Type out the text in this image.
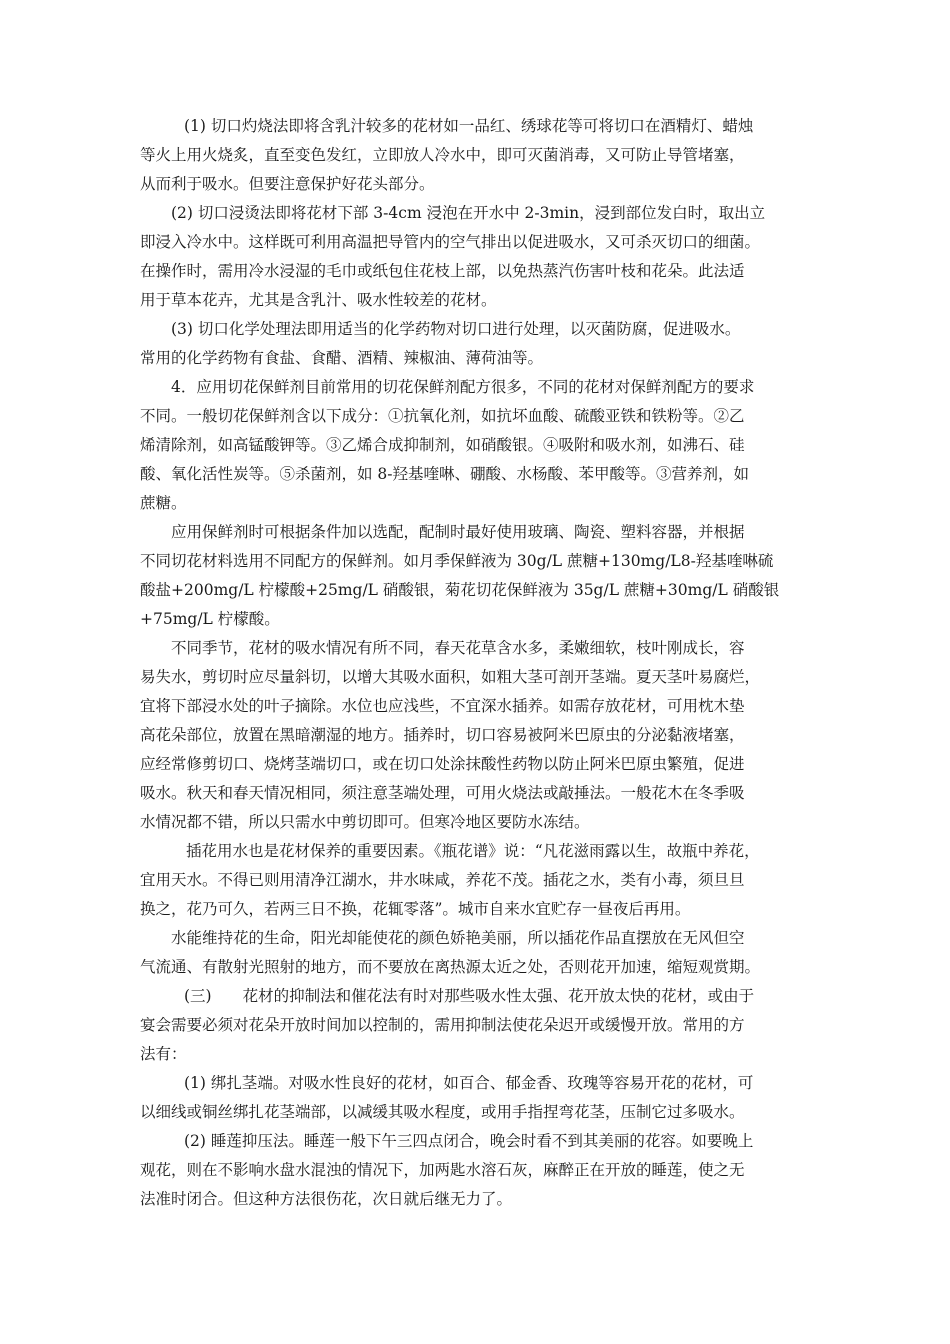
(1) 切口灼烧法即将含乳汁较多的花材如一品红、绣球花等可将切口在酒精灯、蜡烛
等火上用火烧炙，直至变色发红，立即放人冷水中，即可灭菌消毒，又可防止导管堵塞，
从而利于吸水。但要注意保护好花头部分。
(2) 切口浸烫法即将花材下部 3-4cm 浸泡在开水中 2-3min，浸到部位发白时，取出立
即浸入冷水中。这样既可利用高温把导管内的空气排出以促进吸水，又可杀灭切口的细菌。
在操作时，需用冷水浸湿的毛巾或纸包住花枝上部，以免热蒸汽伤害叶枝和花朵。此法适
用于草本花卉，尤其是含乳汁、吸水性较差的花材。
(3) 切口化学处理法即用适当的化学药物对切口进行处理，以灭菌防腐，促进吸水。
常用的化学药物有食盐、食醋、酒精、辣椒油、薄荷油等。
4．应用切花保鲜剂目前常用的切花保鲜剂配方很多，不同的花材对保鲜剂配方的要求
不同。一般切花保鲜剂含以下成分：①抗氧化剂，如抗坏血酸、硫酸亚铁和铁粉等。②乙
烯清除剂，如高锰酸钾等。③乙烯合成抑制剂，如硝酸银。④吸附和吸水剂，如沸石、硅
酸、氧化活性炭等。⑤杀菌剂，如 8-羟基喹啉、硼酸、水杨酸、苯甲酸等。③营养剂，如
蔗糖。
应用保鲜剂时可根据条件加以选配，配制时最好使用玻璃、陶瓷、塑料容器，并根据
不同切花材料选用不同配方的保鲜剂。如月季保鲜液为 30g/L 蔗糖+130mg/L8-羟基喹啉硫
酸盐+200mg/L 柠檬酸+25mg/L 硝酸银，菊花切花保鲜液为 35g/L 蔗糖+30mg/L 硝酸银
+75mg/L 柠檬酸。
不同季节，花材的吸水情况有所不同，春天花草含水多，柔嫩细软，枝叶刚成长，容
易失水，剪切时应尽量斜切，以增大其吸水面积，如粗大茎可剖开茎端。夏天茎叶易腐烂，
宜将下部浸水处的叶子摘除。水位也应浅些，不宜深水插养。如需存放花材，可用枕木垫
高花朵部位，放置在黑暗潮湿的地方。插养时，切口容易被阿米巴原虫的分泌黏液堵塞，
应经常修剪切口、烧烤茎端切口，或在切口处涂抹酸性药物以防止阿米巴原虫繁殖，促进
吸水。秋天和春天情况相同，须注意茎端处理，可用火烧法或敲捶法。一般花木在冬季吸
水情况都不错，所以只需水中剪切即可。但寒冷地区要防水冻结。
插花用水也是花材保养的重要因素。《瓶花谱》说：“凡花滋雨露以生，故瓶中养花，
宜用天水。不得已则用清净江湖水，井水味咸，养花不茂。插花之水，类有小毒，须旦旦
换之，花乃可久，若两三日不换，花辄零落”。城市自来水宜贮存一昼夜后再用。
水能维持花的生命，阳光却能使花的颜色娇艳美丽，所以插花作品直摆放在无风但空
气流通、有散射光照射的地方，而不要放在离热源太近之处，否则花开加速，缩短观赏期。
(三)　　花材的抑制法和催花法有时对那些吸水性太强、花开放太快的花材，或由于
宴会需要必须对花朵开放时间加以控制的，需用抑制法使花朵迟开或缓慢开放。常用的方
法有：
(1) 绑扎茎端。对吸水性良好的花材，如百合、郁金香、玫瑰等容易开花的花材，可
以细线或铜丝绑扎花茎端部，以减缓其吸水程度，或用手指捏弯花茎，压制它过多吸水。
(2) 睡莲抑压法。睡莲一般下午三四点闭合，晚会时看不到其美丽的花容。如要晚上
观花，则在不影响水盘水混浊的情况下，加两匙水溶石灰，麻醉正在开放的睡莲，使之无
法准时闭合。但这种方法很伤花，次日就后继无力了。
